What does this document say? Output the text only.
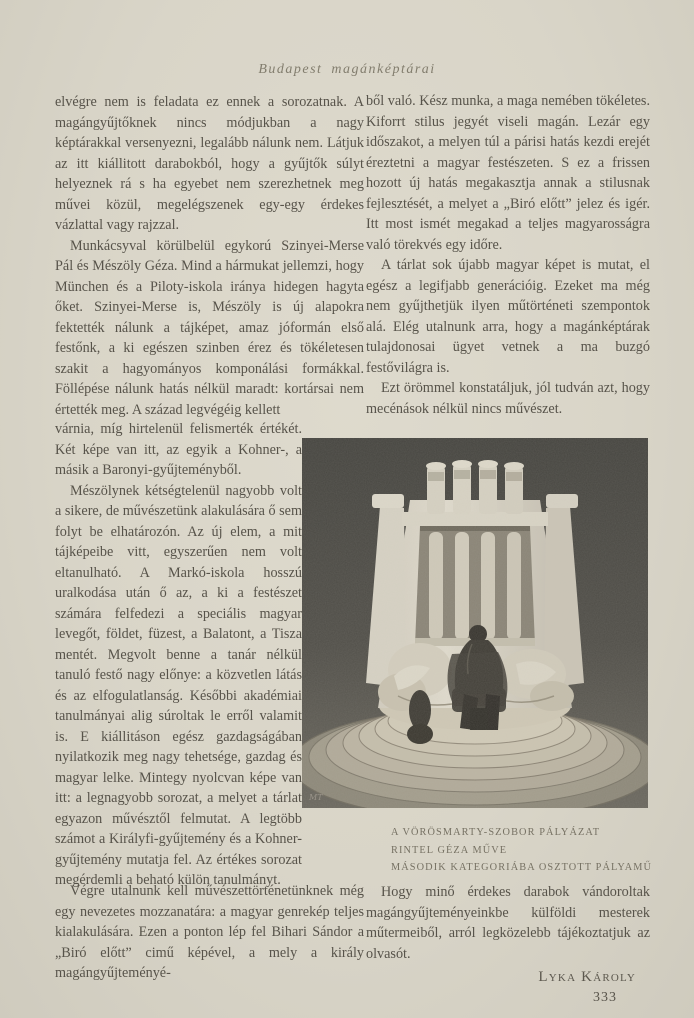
Budapest magánképtárai

elvégre nem is feladata ez ennek a sorozatnak. A magángyűjtőknek nincs módjukban a nagy képtárakkal versenyezni, legalább nálunk nem. Látjuk az itt kiállitott darabokból, hogy a gyűjtők súlyt helyeznek rá s ha egyebet nem szerezhetnek meg művei közül, megelégszenek egy-egy érdekes vázlattal vagy rajzzal.

Munkácsyval körülbelül egykorú Szinyei-Merse Pál és Mészöly Géza. Mind a hármukat jellemzi, hogy München és a Piloty-iskola iránya hidegen hagyta őket. Szinyei-Merse is, Mészöly is új alapokra fektették nálunk a tájképet, amaz jóformán első festőnk, a ki egészen szinben érez és tökéletesen szakit a hagyományos komponálási formákkal. Föllépése nálunk hatás nélkül maradt: kortársai nem értették meg. A század legvégéig kellett

várnia, míg hirtelenül felismerték értékét. Két képe van itt, az egyik a Kohner-, a másik a Baronyi-gyűjteményből.

Mészölynek kétségtelenül nagyobb volt a sikere, de művészetünk alakulására ő sem folyt be elhatározón. Az új elem, a mit tájképeibe vitt, egyszerűen nem volt eltanulható. A Markó-iskola hosszú uralkodása után ő az, a ki a festészet számára felfedezi a speciális magyar levegőt, földet, füzest, a Balatont, a Tisza mentét. Megvolt benne a tanár nélkül tanuló festő nagy előnye: a közvetlen látás és az elfogulatlanság. Későbbi akadémiai tanulmányai alig súroltak le erről valamit is. E kiállitáson egész gazdagságában nyilatkozik meg nagy tehetsége, gazdag és magyar lelke. Mintegy nyolcvan képe van itt: a legnagyobb sorozat, a melyet a tárlat egyazon művésztől felmutat. A legtöbb számot a Királyfi-gyűjtemény és a Kohner-gyűjtemény mutatja fel. Az értékes sorozat megérdemli a beható külön tanulmányt.

Végre utalnunk kell művészettörténetünknek még egy nevezetes mozzanatára: a magyar genrekép teljes kialakulására. Ezen a ponton lép fel Bihari Sándor a „Biró előtt” cimű képével, a mely a király magángyűjteményé-

ből való. Kész munka, a maga nemében tökéletes. Kiforrt stilus jegyét viseli magán. Lezár egy időszakot, a melyen túl a párisi hatás kezdi erejét éreztetni a magyar festészeten. S ez a frissen hozott új hatás megakasztja annak a stilusnak fejlesztését, a melyet a „Biró előtt” jelez és igér. Itt most ismét megakad a teljes magyarosságra való törekvés egy időre.

A tárlat sok újabb magyar képet is mutat, el egész a legifjabb generációig. Ezeket ma még nem gyűjthetjük ilyen műtörténeti szempontok alá. Elég utalnunk arra, hogy a magánképtárak tulajdonosai ügyet vetnek a ma buzgó festővilágra is.

Ezt örömmel konstatáljuk, jól tudván azt, hogy mecénások nélkül nincs művészet.

MT
A VÖRÖSMARTY-SZOBOR PÁLYÁZAT
RINTEL GÉZA MŰVE
MÁSODIK KATEGORIÁBA OSZTOTT PÁLYAMŰ

Hogy minő érdekes darabok vándoroltak magángyűjteményeinkbe külföldi mesterek műtermeiből, arról legközelebb tájékoztatjuk az olvasót.

Lyka Károly
333
